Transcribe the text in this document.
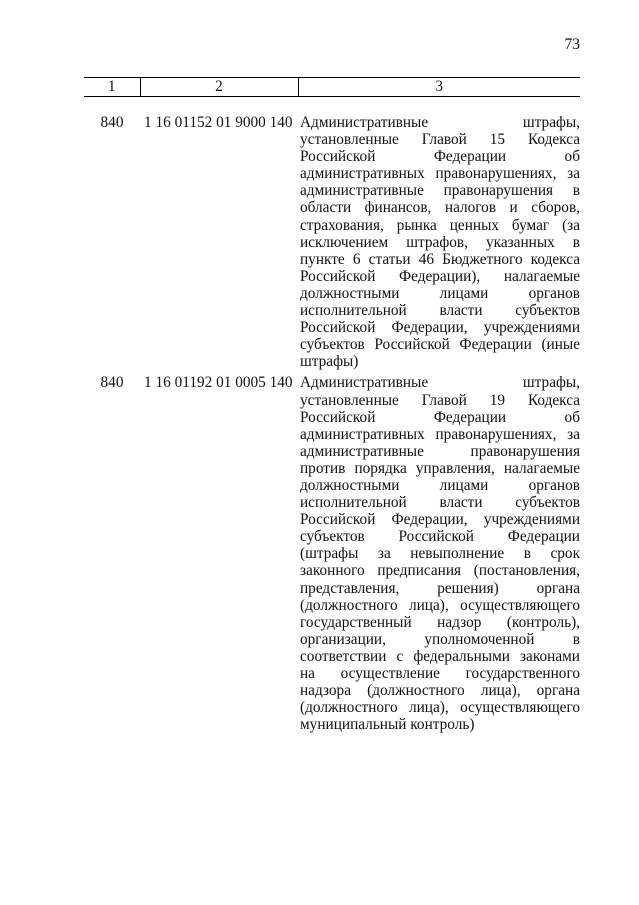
73
1	2	3

840	1 16 01152 01 9000 140	Административные штрафы, установленные Главой 15 Кодекса Российской Федерации об административных правонарушениях, за административные правонарушения в области финансов, налогов и сборов, страхования, рынка ценных бумаг (за исключением штрафов, указанных в пункте 6 статьи 46 Бюджетного кодекса Российской Федерации), налагаемые должностными лицами органов исполнительной власти субъектов Российской Федерации, учреждениями субъектов Российской Федерации (иные штрафы)

840	1 16 01192 01 0005 140	Административные штрафы, установленные Главой 19 Кодекса Российской Федерации об административных правонарушениях, за административные правонарушения против порядка управления, налагаемые должностными лицами органов исполнительной власти субъектов Российской Федерации, учреждениями субъектов Российской Федерации (штрафы за невыполнение в срок законного предписания (постановления, представления, решения) органа (должностного лица), осуществляющего государственный надзор (контроль), организации, уполномоченной в соответствии с федеральными законами на осуществление государственного надзора (должностного лица), органа (должностного лица), осуществляющего муниципальный контроль)
